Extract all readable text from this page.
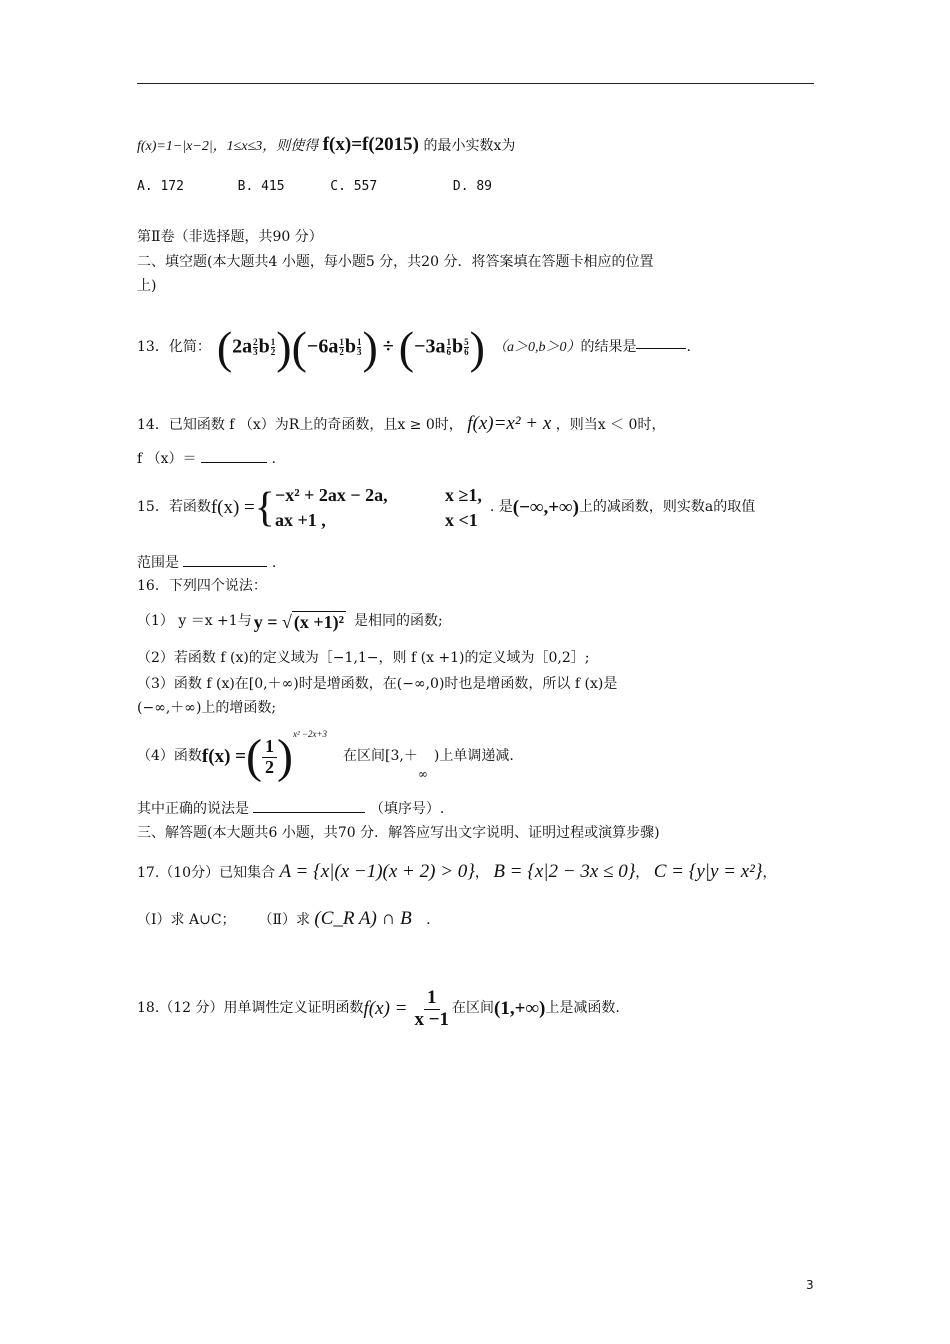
f(x)=1−|x−2|，1≤x≤3，则使得 f(x)=f(2015) 的最小实数x为
A. 172	B. 415	C. 557	D. 89
第Ⅱ卷（非选择题，共90 分）
二、填空题(本大题共4 小题，每小题5 分，共20 分．将答案填在答题卡相应的位置
上)
13．化简： ($2a \frac{2}{3}$ b $\frac{1}{2} )(-6a \frac{1}{2}$ b $\frac{1}{3}$ ) ÷ ($-3a \frac{1}{6}$ b $\frac{5}{6}$ ) （a＞0,b＞0） 的结果是	.
14．已知函数 f （x）为R上的奇函数，且x ≥ 0时， f(x)=x² + x ，则当x ＜ 0时，
f （x）＝	.
15．若函数 f(x) = { −x² + 2ax − 2a,	x ≥1,
ax +1 ,	x <1
. 是 (−∞,+∞) 上的减函数，则实数a的取值
范围是	.
16．下列四个说法：
（1） y ＝x +1与 y = √ (x +1)² 是相同的函数;
（2）若函数 f (x)的定义域为［−1,1−，则 f (x +1)的定义域为［0,2］;
（3）函数 f (x)在[0,＋∞)时是增函数，在(−∞,0)时也是增函数，所以 f (x)是
(−∞,＋∞)上的增函数;
（4）函数 f(x) = ( $\frac{1}{2}$ ) x² −2x+3
在区间[3,＋
∞
)上单调递减.
其中正确的说法是	（填序号）.
三、解答题(本大题共6 小题，共70 分．解答应写出文字说明、证明过程或演算步骤)
17.（10分）已知集合 A = {x|(x −1)(x + 2) > 0}， B = {x|2 − 3x ≤ 0}， C = {y|y = x²}，
（Ⅰ）求 A∪C； （Ⅱ）求 (C_R A) ∩ B .
18.（12 分）用单调性定义证明函数 $f(x) = \frac{1}{x -1}$ 在区间 (1,+∞) 上是减函数.
3
